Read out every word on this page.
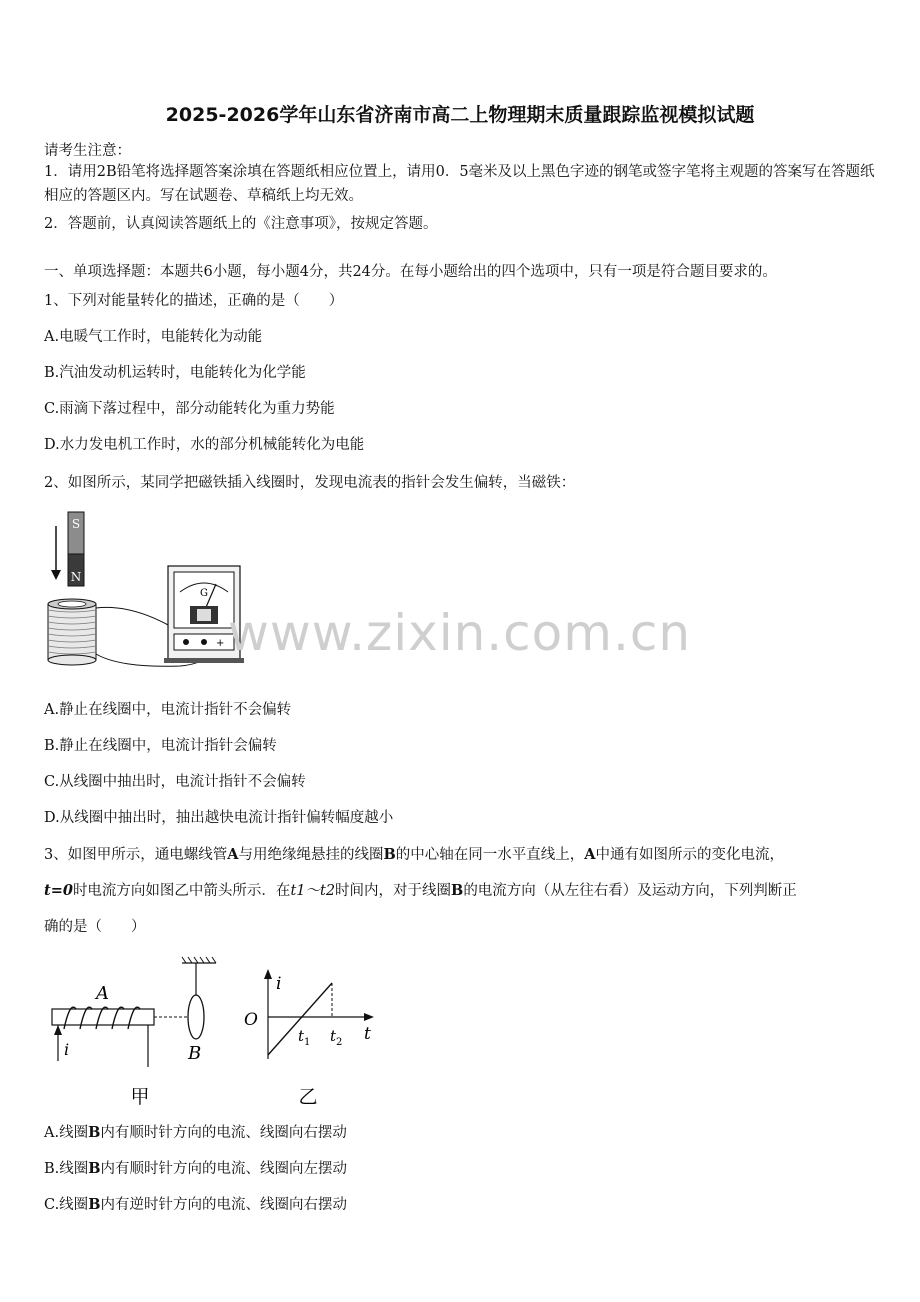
2025-2026学年山东省济南市高二上物理期末质量跟踪监视模拟试题
请考生注意：
1．请用2B铅笔将选择题答案涂填在答题纸相应位置上，请用0．5毫米及以上黑色字迹的钢笔或签字笔将主观题的答案写在答题纸相应的答题区内。写在试题卷、草稿纸上均无效。
2．答题前，认真阅读答题纸上的《注意事项》，按规定答题。
一、单项选择题：本题共6小题，每小题4分，共24分。在每小题给出的四个选项中，只有一项是符合题目要求的。
1、下列对能量转化的描述，正确的是（　　）
A.电暖气工作时，电能转化为动能
B.汽油发动机运转时，电能转化为化学能
C.雨滴下落过程中，部分动能转化为重力势能
D.水力发电机工作时，水的部分机械能转化为电能
2、如图所示，某同学把磁铁插入线圈时，发现电流表的指针会发生偏转，当磁铁：
S
N
G
+ www.zixin.com.cn
A.静止在线圈中，电流计指针不会偏转
B.静止在线圈中，电流计指针会偏转
C.从线圈中抽出时，电流计指针不会偏转
D.从线圈中抽出时，抽出越快电流计指针偏转幅度越小
3、如图甲所示，通电螺线管A与用绝缘绳悬挂的线圈B的中心轴在同一水平直线上，A中通有如图所示的变化电流，
t=0时电流方向如图乙中箭头所示．在t1～t2时间内，对于线圈B的电流方向（从左往右看）及运动方向，下列判断正
确的是（　　）
A
i	B
i
O
t
$t_1$ $t_2$
甲	乙
A.线圈B内有顺时针方向的电流、线圈向右摆动
B.线圈B内有顺时针方向的电流、线圈向左摆动
C.线圈B内有逆时针方向的电流、线圈向右摆动
